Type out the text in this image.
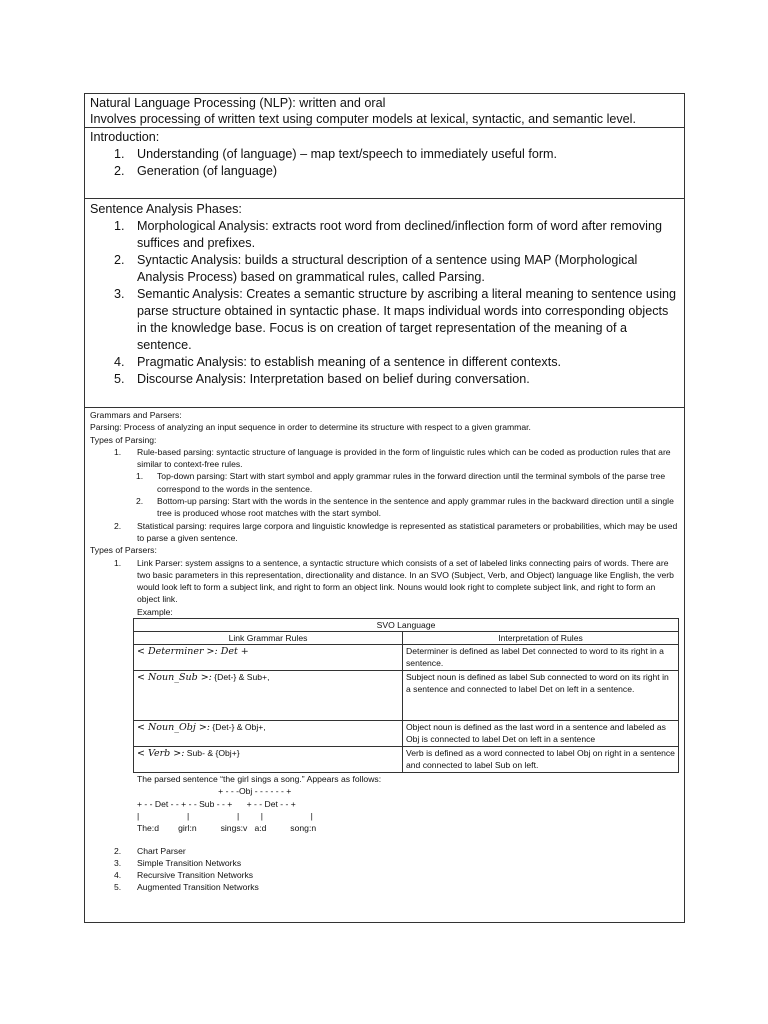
Natural Language Processing (NLP): written and oral
Involves processing of written text using computer models at lexical, syntactic, and semantic level.
Introduction:
1. Understanding (of language) – map text/speech to immediately useful form.
2. Generation (of language)
Sentence Analysis Phases:
1. Morphological Analysis: extracts root word from declined/inflection form of word after removing suffices and prefixes.
2. Syntactic Analysis: builds a structural description of a sentence using MAP (Morphological Analysis Process) based on grammatical rules, called Parsing.
3. Semantic Analysis: Creates a semantic structure by ascribing a literal meaning to sentence using parse structure obtained in syntactic phase. It maps individual words into corresponding objects in the knowledge base. Focus is on creation of target representation of the meaning of a sentence.
4. Pragmatic Analysis: to establish meaning of a sentence in different contexts.
5. Discourse Analysis: Interpretation based on belief during conversation.
Grammars and Parsers:
Parsing: Process of analyzing an input sequence in order to determine its structure with respect to a given grammar.
Types of Parsing:
1. Rule-based parsing: syntactic structure of language is provided in the form of linguistic rules which can be coded as production rules that are similar to context-free rules.
1. Top-down parsing: Start with start symbol and apply grammar rules in the forward direction until the terminal symbols of the parse tree correspond to the words in the sentence.
2. Bottom-up parsing: Start with the words in the sentence in the sentence and apply grammar rules in the backward direction until a single tree is produced whose root matches with the start symbol.
2. Statistical parsing: requires large corpora and linguistic knowledge is represented as statistical parameters or probabilities, which may be used to parse a given sentence.
Types of Parsers:
1. Link Parser: system assigns to a sentence, a syntactic structure which consists of a set of labeled links connecting pairs of words. There are two basic parameters in this representation, directionality and distance. In an SVO (Subject, Verb, and Object) language like English, the verb would look left to form a subject link, and right to form an object link. Nouns would look right to complete subject link, and right to form an object link.
Example:
SVO Language	
Link Grammar Rules	Interpretation of Rules
< Determiner >: Det +	Determiner is defined as label Det connected to word to its right in a sentence.
< Noun_Sub >: {Det-} & Sub+,	Subject noun is defined as label Sub connected to word on its right in a sentence and connected to label Det on left in a sentence.
< Noun_Obj >: {Det-} & Obj+,	Object noun is defined as the last word in a sentence and labeled as Obj is connected to label Det on left in a sentence
< Verb >: Sub- & {Obj+}	Verb is defined as a word connected to label Obj on right in a sentence and connected to label Sub on left.
The parsed sentence “the girl sings a song.” Appears as follows:
+ - - -Obj - - - - - - +
+ - - Det - - + - - Sub - - +      + - - Det - - +
|                    |                    |         |                    |
The:d        girl:n          sings:v   a:d          song:n
2. Chart Parser
3. Simple Transition Networks
4. Recursive Transition Networks
5. Augmented Transition Networks
